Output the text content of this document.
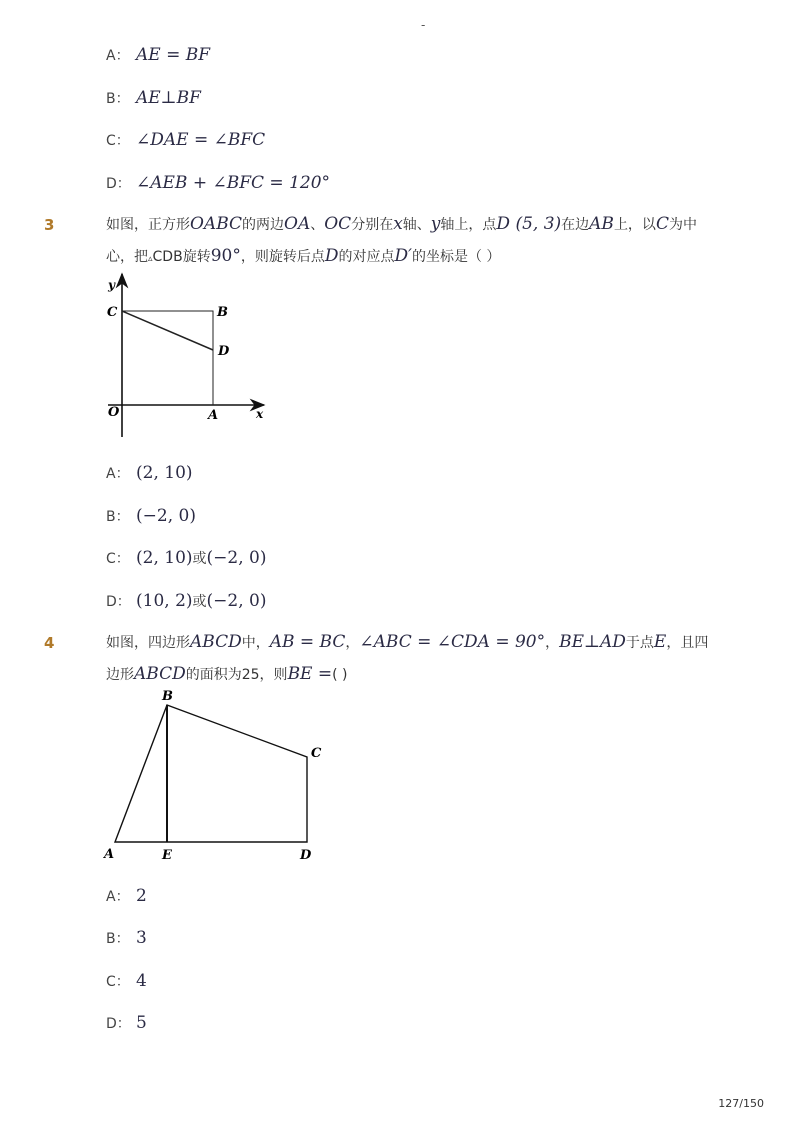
-
A： AE = BF
B： AE⊥BF
C： ∠DAE = ∠BFC
D： ∠AEB + ∠BFC = 120°
3	如图，正方形OABC的两边OA、OC分别在x轴、y轴上，点D (5, 3)在边AB上，以C为中
心，把▵CDB旋转90°，则旋转后点D的对应点D′的坐标是（ ）
y
x
O	A
B
C
D
A： (2, 10)
B： (−2, 0)
C： (2, 10) 或 (−2, 0)
D： (10, 2) 或 (−2, 0)
4	如图，四边形ABCD中，AB = BC，∠ABC = ∠CDA = 90°，BE⊥AD于点E，且四
边形ABCD的面积为25，则BE =( )
A
B
C
D
E
A： 2
B： 3
C： 4
D： 5
127/150
